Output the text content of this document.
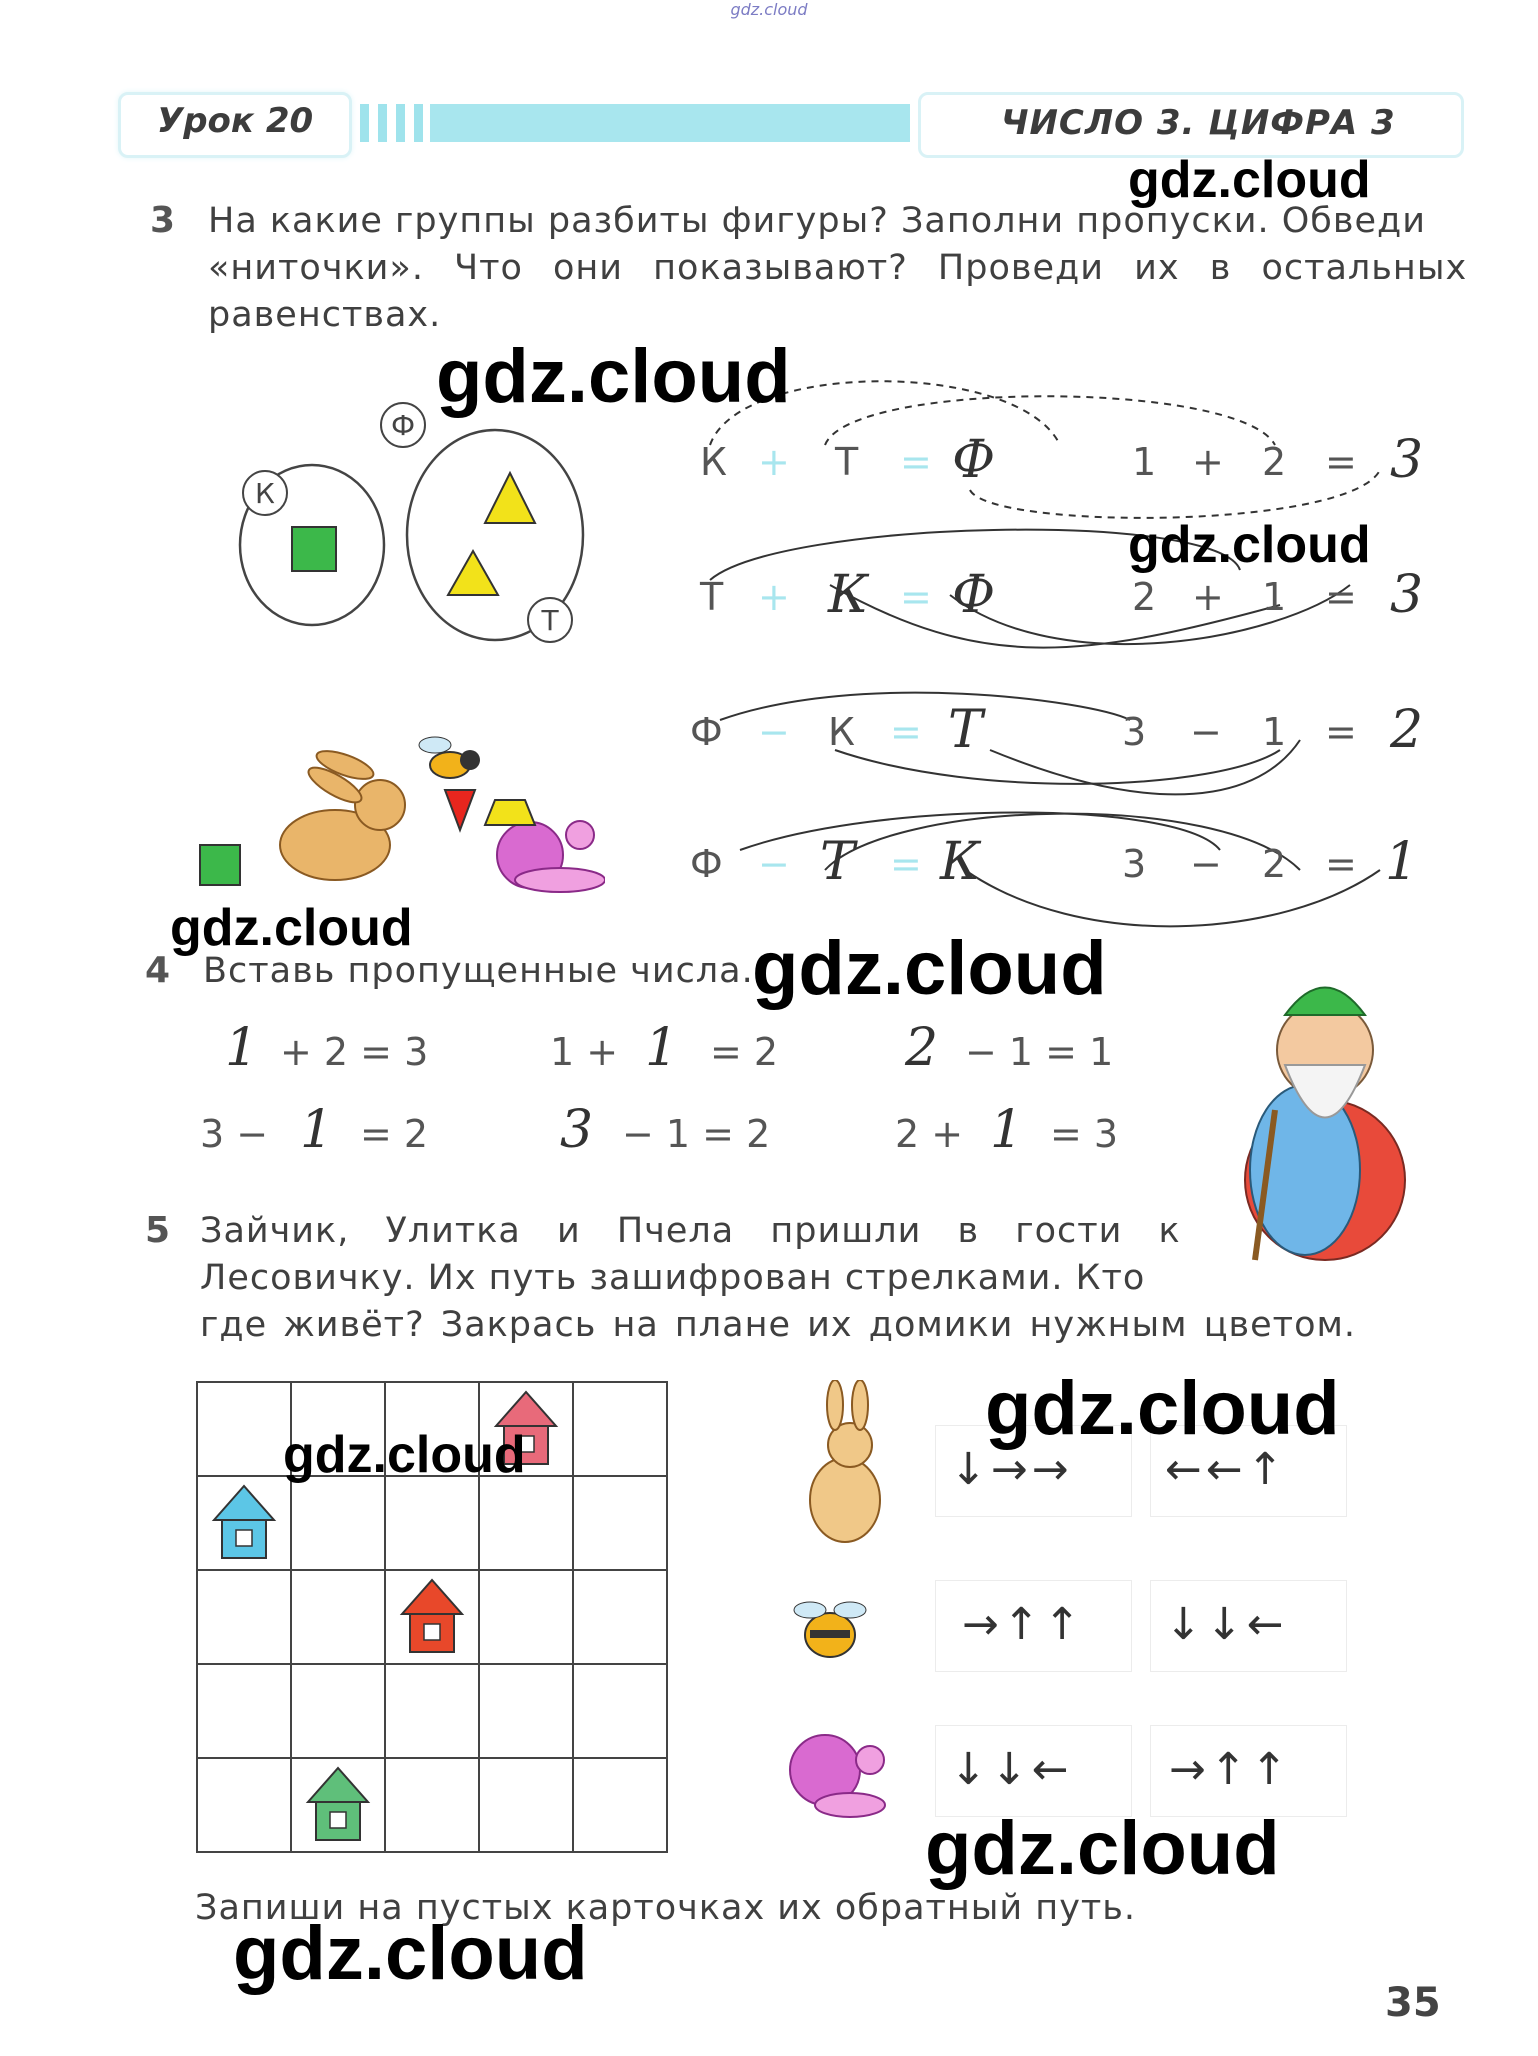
gdz.cloud
Урок 20	ЧИСЛО 3. ЦИФРА 3
3 На какие группы разбиты фигуры? Заполни пропуски. Обведи
«ниточки». Что они показывают? Проведи их в остальных
равенствах.
К
Ф
Т
К + Т = Ф	1 + 2 = 3
Т + К = Ф	2 + 1 = 3
Ф − К = Т	3 − 1 = 2
Ф − Т = К	3 − 2 = 1
4 Вставь пропущенные числа.
1 + 2 = 3	1 + 1 = 2 2 − 1 = 1
3 − 1 = 2	3 − 1 = 2	2 + 1 = 3
5 Зайчик, Улитка и Пчела пришли в гости к
Лесовичку. Их путь зашифрован стрелками. Кто
где живёт? Закрась на плане их домики нужным цветом.
↓→→ ←←↑
→↑↑ ↓↓←
↓↓← →↑↑
Запиши на пустых карточках их обратный путь.
gdz.cloud
gdz.cloud
gdz.cloud
gdz.cloud	gdz.cloud
gdz.cloud
gdz.cloud
gdz.cloud
gdz.cloud
35
